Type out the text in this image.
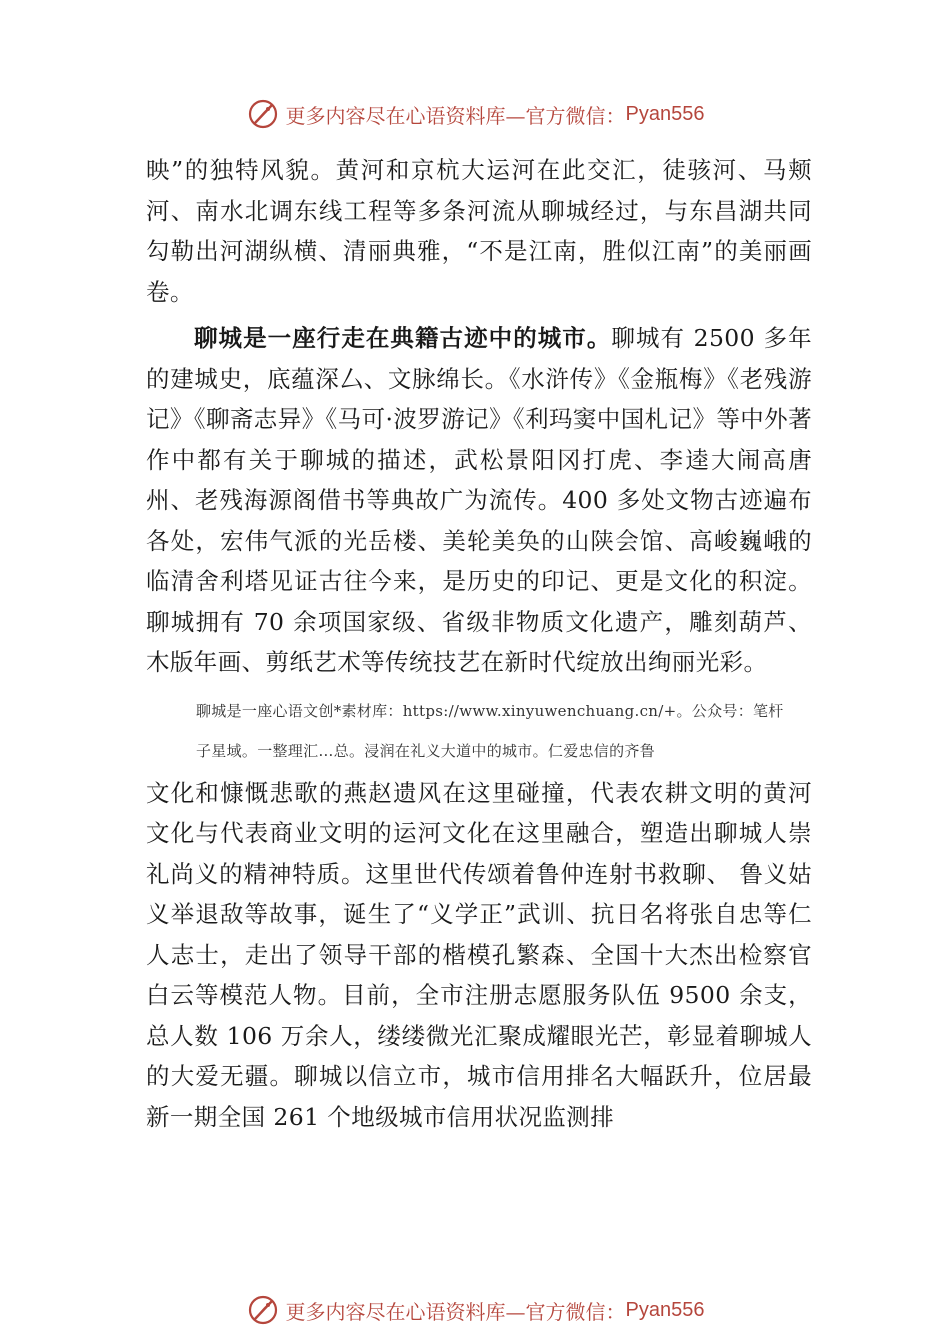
更多内容尽在心语资料库—官方微信： Pyan556

映”的独特风貌。黄河和京杭大运河在此交汇，徒骇河、马颊河、南水北调东线工程等多条河流从聊城经过，与东昌湖共同勾勒出河湖纵横、清丽典雅，“不是江南，胜似江南”的美丽画卷。

聊城是一座行走在典籍古迹中的城市。聊城有 2500 多年的建城史，底蕴深厶、文脉绵长。《水浒传》《金瓶梅》《老残游记》《聊斋志异》《马可·波罗游记》《利玛窦中国札记》等中外著作中都有关于聊城的描述，武松景阳冈打虎、李逵大闹高唐州、老残海源阁借书等典故广为流传。400 多处文物古迹遍布各处，宏伟气派的光岳楼、美轮美奂的山陕会馆、高峻巍峨的临清舍利塔见证古往今来，是历史的印记、更是文化的积淀。聊城拥有 70 余项国家级、省级非物质文化遗产，雕刻葫芦、木版年画、剪纸艺术等传统技艺在新时代绽放出绚丽光彩。

聊城是一座心语文创*素材库：https://www.xinyuwenchuang.cn/+。公众号：笔杆

子星域。一整理汇…总。浸润在礼义大道中的城市。仁爱忠信的齐鲁

文化和慷慨悲歌的燕赵遗风在这里碰撞，代表农耕文明的黄河文化与代表商业文明的运河文化在这里融合，塑造出聊城人崇礼尚义的精神特质。这里世代传颂着鲁仲连射书救聊、 鲁义姑义举退敌等故事，诞生了“义学正”武训、抗日名将张自忠等仁人志士，走出了领导干部的楷模孔繁森、全国十大杰出检察官白云等模范人物。目前，全市注册志愿服务队伍 9500 余支，总人数 106 万余人，缕缕微光汇聚成耀眼光芒，彰显着聊城人的大爱无疆。聊城以信立市，城市信用排名大幅跃升，位居最新一期全国 261 个地级城市信用状况监测排

更多内容尽在心语资料库—官方微信： Pyan556
